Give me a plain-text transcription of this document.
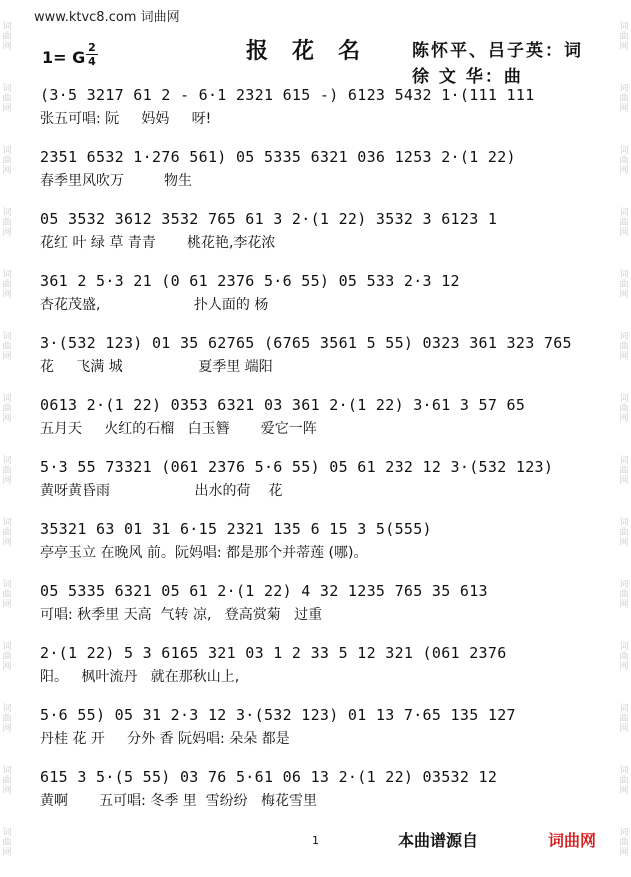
词
曲
网
词
曲
网
词
曲
网
词
曲
网
词
曲
网
词
曲
网
词
曲
网
词
曲
网
词
曲
网
词
曲
网
词
曲
网
词
曲
网
词
曲
网
词
曲
网
词
曲
网
词
曲
网
词
曲
网
词
曲
网
词
曲
网
词
曲
网
词
曲
网
词
曲
网
词
曲
网
词
曲
网
词
曲
网
词
曲
网
词
曲
网
词
曲
网
www.ktvc8.com 词曲网
1= G
2
4	报花名 陈怀平、吕子英：词
徐 文 华：曲
(3·5 3217 61 2 - 6·1 2321 615 -) 6123 5432 1·(111 111
张五可唱: 阮     妈妈     呀!
2351 6532 1·276 561) 05 5335 6321 036 1253 2·(1 22)
春季里风吹万         物生
05 3532 3612 3532 765 61 3 2·(1 22) 3532 3 6123 1
花红 叶 绿 草 青青       桃花艳,李花浓
361 2 5·3 21 (0 61 2376 5·6 55) 05 533 2·3 12
杏花茂盛,                     扑人面的 杨
3·(532 123) 01 35 62765 (6765 3561 5 55) 0323 361 323 765
花     飞满 城                 夏季里 端阳
0613 2·(1 22) 0353 6321 03 361 2·(1 22) 3·61 3 57 65
五月天     火红的石榴   白玉簪       爱它一阵
5·3 55 73321 (061 2376 5·6 55) 05 61 232 12 3·(532 123)
黄呀黄昏雨                   出水的荷    花
35321 63 01 31 6·15 2321 135 6 15 3 5(555)
亭亭玉立 在晚风 前。阮妈唱: 都是那个并蒂莲 (哪)。
05 5335 6321 05 61 2·(1 22) 4 32 1235 765 35 613
可唱: 秋季里 天高  气转 凉,   登高赏菊   过重
2·(1 22) 5 3 6165 321 03 1 2 33 5 12 321 (061 2376
阳。   枫叶流丹   就在那秋山上,
5·6 55) 05 31 2·3 12 3·(532 123) 01 13 7·65 135 127
丹桂 花 开     分外 香 阮妈唱: 朵朵 都是
615 3 5·(5 55) 03 76 5·61 06 13 2·(1 22) 03532 12
黄啊       五可唱: 冬季 里  雪纷纷   梅花雪里
1	本曲谱源自	词曲网
